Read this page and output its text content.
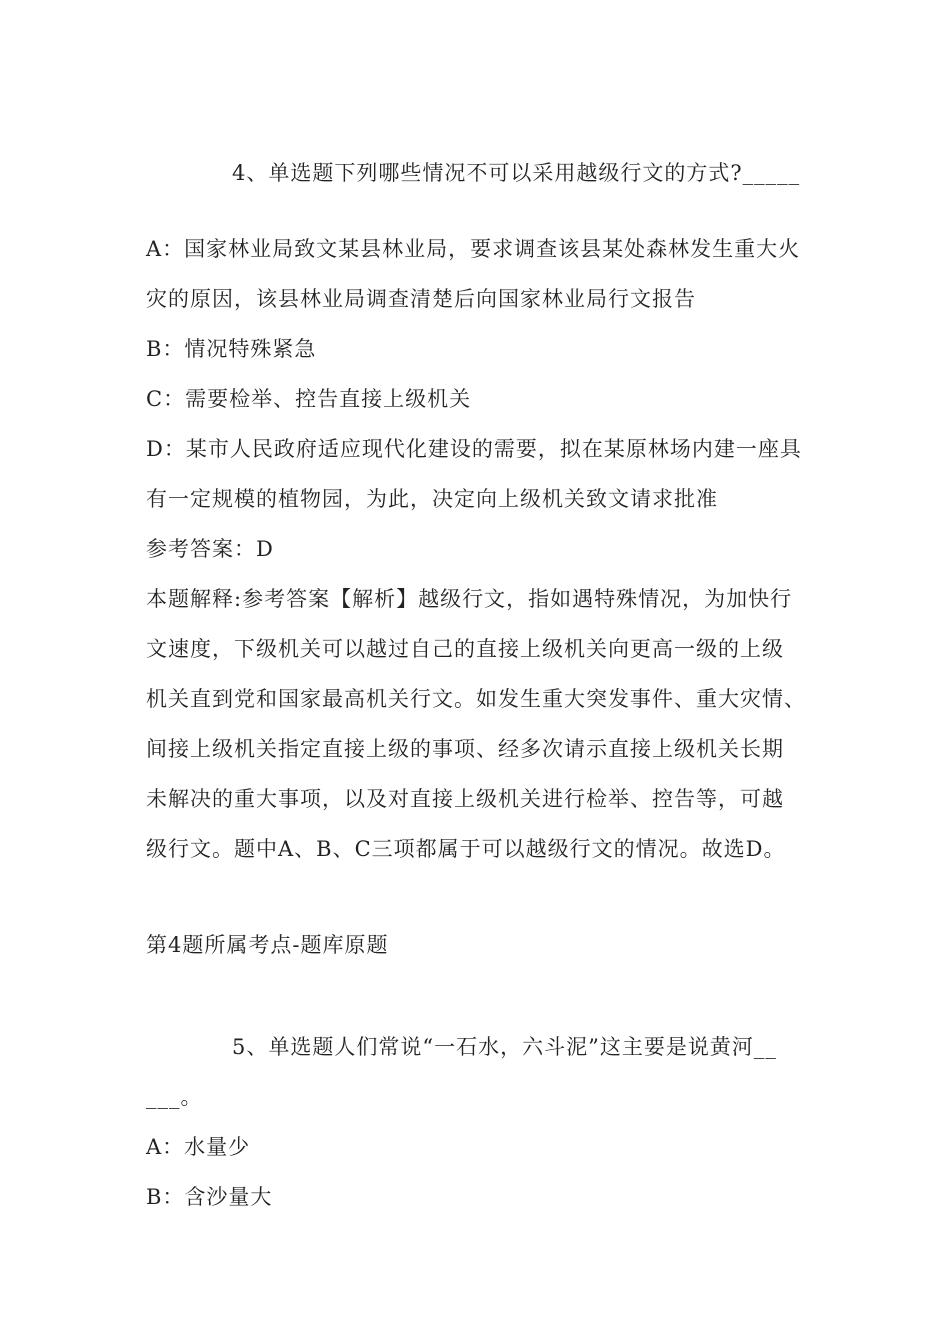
4、单选题下列哪些情况不可以采用越级行文的方式?_____
A：国家林业局致文某县林业局，要求调查该县某处森林发生重大火
灾的原因，该县林业局调查清楚后向国家林业局行文报告
B：情况特殊紧急
C：需要检举、控告直接上级机关
D：某市人民政府适应现代化建设的需要，拟在某原林场内建一座具
有一定规模的植物园，为此，决定向上级机关致文请求批准
参考答案：D
本题解释:参考答案【解析】越级行文，指如遇特殊情况，为加快行
文速度，下级机关可以越过自己的直接上级机关向更高一级的上级
机关直到党和国家最高机关行文。如发生重大突发事件、重大灾情、
间接上级机关指定直接上级的事项、经多次请示直接上级机关长期
未解决的重大事项，以及对直接上级机关进行检举、控告等，可越
级行文。题中A、B、C三项都属于可以越级行文的情况。故选D。
第4题所属考点-题库原题
5、单选题人们常说“一石水，六斗泥”这主要是说黄河__
___。
A：水量少
B：含沙量大
